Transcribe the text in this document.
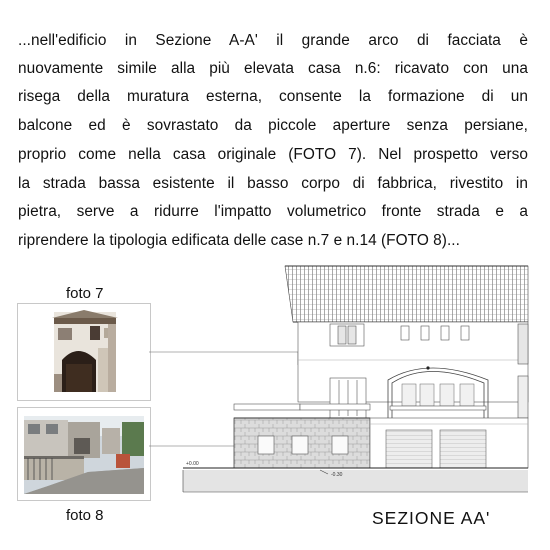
...nell'edificio in Sezione A-A' il grande arco di facciata è
nuovamente simile alla più elevata casa n.6: ricavato con una
risega della muratura esterna, consente la formazione di un
balcone ed è sovrastato da piccole aperture senza persiane,
proprio come nella casa originale (FOTO 7). Nel prospetto verso
la strada bassa esistente il basso corpo di fabbrica, rivestito in
pietra, serve a ridurre l'impatto volumetrico fronte strada e a
riprendere la tipologia edificata delle case n.7 e n.14 (FOTO 8)...
foto 7
foto 8
+0.00
-0.30
SEZIONE AA'
